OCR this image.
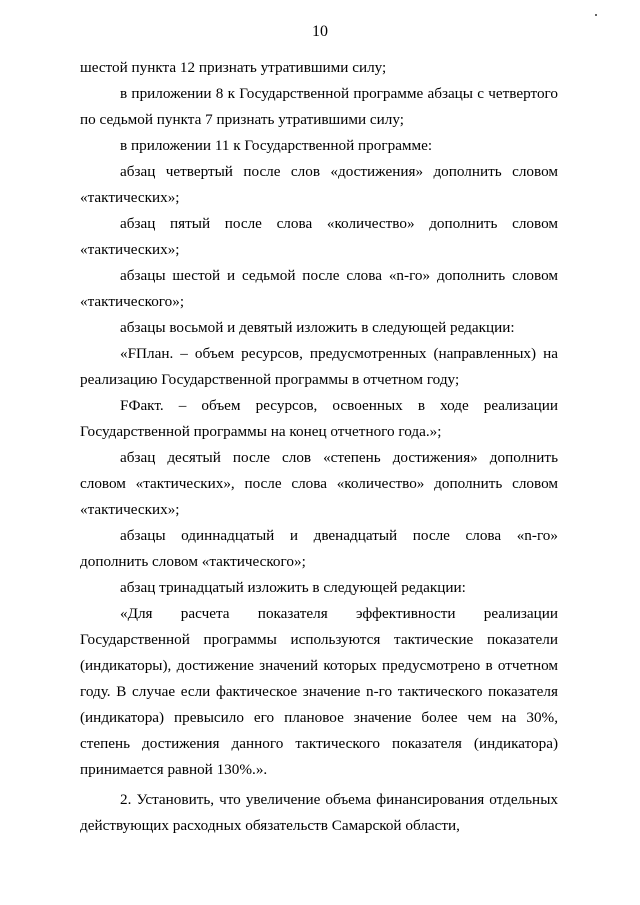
10

шестой пункта 12 признать утратившими силу;

в приложении 8 к Государственной программе абзацы с четвертого по седьмой пункта 7 признать утратившими силу;

в приложении 11 к Государственной программе:

абзац четвертый после слов «достижения» дополнить словом «тактических»;

абзац пятый после слова «количество» дополнить словом «тактических»;

абзацы шестой и седьмой после слова «n-го» дополнить словом «тактического»;

абзацы восьмой и девятый изложить в следующей редакции:

«FПлан. – объем ресурсов, предусмотренных (направленных) на реализацию Государственной программы в отчетном году;

FФакт. – объем ресурсов, освоенных в ходе реализации Государственной программы на конец отчетного года.»;

абзац десятый после слов «степень достижения» дополнить словом «тактических», после слова «количество» дополнить словом «тактических»;

абзацы одиннадцатый и двенадцатый после слова «n-го» дополнить словом «тактического»;

абзац тринадцатый изложить в следующей редакции:

«Для расчета показателя эффективности реализации Государственной программы используются тактические показатели (индикаторы), достижение значений которых предусмотрено в отчетном году. В случае если фактическое значение n-го тактического показателя (индикатора) превысило его плановое значение более чем на 30%, степень достижения данного тактического показателя (индикатора) принимается равной 130%.».

2. Установить, что увеличение объема финансирования отдельных действующих расходных обязательств Самарской области,
